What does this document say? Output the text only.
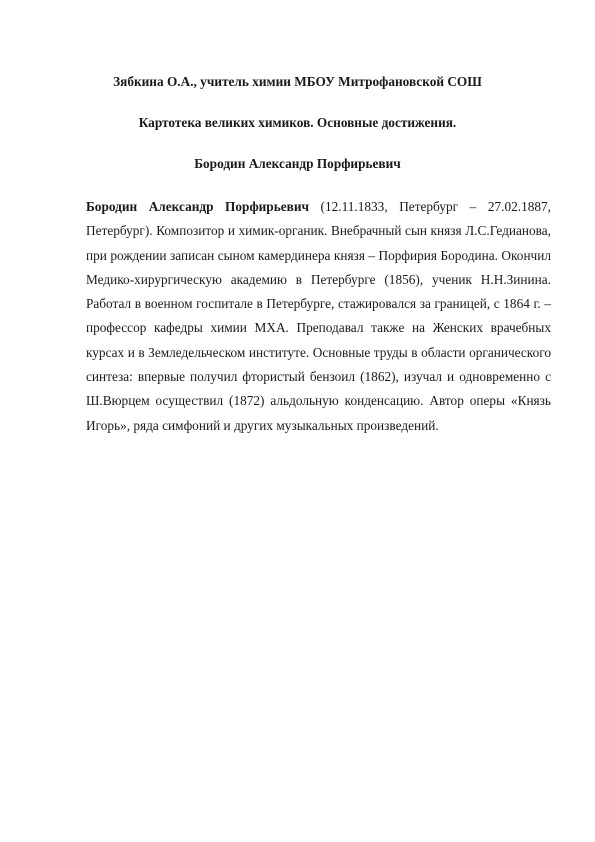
Зябкина О.А., учитель химии МБОУ Митрофановской СОШ
Картотека великих химиков. Основные достижения.
Бородин Александр Порфирьевич

Бородин Александр Порфирьевич (12.11.1833, Петербург – 27.02.1887, Петербург). Композитор и химик-органик. Внебрачный сын князя Л.С.Гедианова, при рождении записан сыном камердинера князя – Порфирия Бородина. Окончил Медико-хирургическую академию в Петербурге (1856), ученик Н.Н.Зинина. Работал в военном госпитале в Петербурге, стажировался за границей, с 1864 г. – профессор кафедры химии МХА. Преподавал также на Женских врачебных курсах и в Земледельческом институте. Основные труды в области органического синтеза: впервые получил фтористый бензоил (1862), изучал и одновременно с Ш.Вюрцем осуществил (1872) альдольную конденсацию. Автор оперы «Князь Игорь», ряда симфоний и других музыкальных произведений.
